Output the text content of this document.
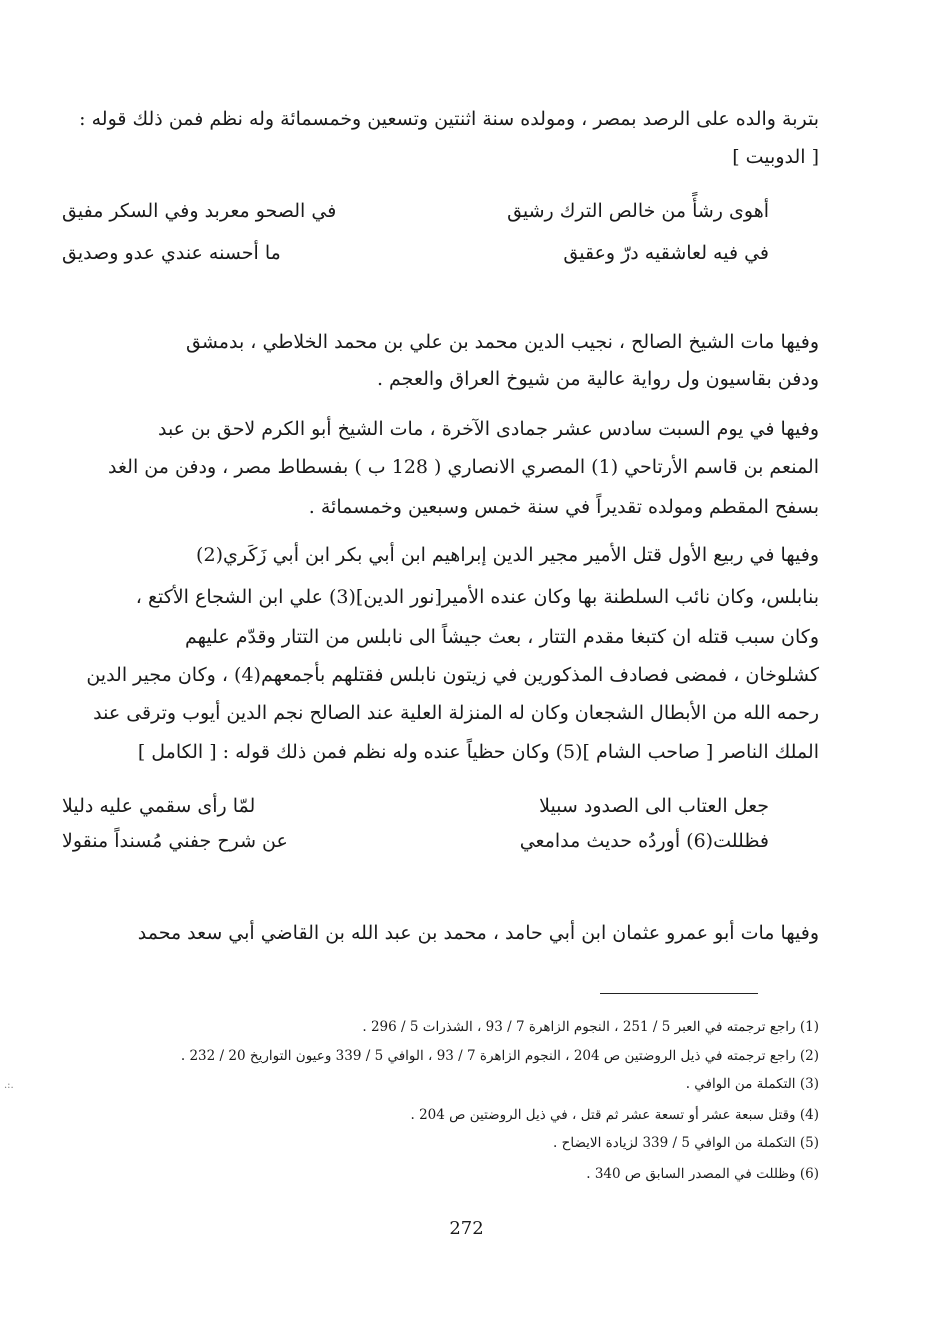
بتربة والده على الرصد بمصر ، ومولده سنة اثنتين وتسعين وخمسمائة وله نظم فمن ذلك قوله :
[ الدوبيت ]
أهوى رشأً من خالص الترك رشيق
في الصحو معربد وفي السكر مفيق
في فيه لعاشقيه درّ وعقيق
ما أحسنه عندي عدو وصديق
وفيها مات الشيخ الصالح ، نجيب الدين محمد بن علي بن محمد الخلاطي ، بدمشق
ودفن بقاسيون ول رواية عالية من شيوخ العراق والعجم .
وفيها في يوم السبت سادس عشر جمادى الآخرة ، مات الشيخ أبو الكرم لاحق بن عبد
المنعم بن قاسم الأرتاحي (1) المصري الانصاري ( 128 ب ) بفسطاط مصر ، ودفن من الغد
بسفح المقطم ومولده تقديراً في سنة خمس وسبعين وخمسمائة .
وفيها في ربيع الأول قتل الأمير مجير الدين إبراهيم ابن أبي بكر ابن أبي زَكَري(2)
بنابلس، وكان نائب السلطنة بها وكان عنده الأمير[نور الدين](3) علي ابن الشجاع الأكتع ،
وكان سبب قتله ان كتبغا مقدم التتار ، بعث جيشاً الى نابلس من التتار وقدّم عليهم
كشلوخان ، فمضى فصادف المذكورين في زيتون نابلس فقتلهم بأجمعهم(4) ، وكان مجير الدين
رحمه الله من الأبطال الشجعان وكان له المنزلة العلية عند الصالح نجم الدين أيوب وترقى عند
الملك الناصر [ صاحب الشام ](5) وكان حظياً عنده وله نظم فمن ذلك قوله : [ الكامل ]
جعل العتاب الى الصدود سبيلا
لمّا رأى سقمي عليه دليلا
فظللت(6) أوردُه حديث مدامعي
عن شرح جفني مُسنداً منقولا
وفيها مات أبو عمرو عثمان ابن أبي حامد ، محمد بن عبد الله بن القاضي أبي سعد محمد
(1) راجع ترجمته في العبر 5 / 251 ، النجوم الزاهرة 7 / 93 ، الشذرات 5 / 296 .
(2) راجع ترجمته في ذيل الروضتين ص 204 ، النجوم الزاهرة 7 / 93 ، الوافي 5 / 339 وعيون التواريخ 20 / 232 .
(3) التكملة من الوافي .
(4) وقتل سبعة عشر أو تسعة عشر ثم قتل ، في ذيل الروضتين ص 204 .
(5) التكملة من الوافي 5 / 339 لزيادة الايضاح .
(6) وظللت في المصدر السابق ص 340 .
272
.:.
